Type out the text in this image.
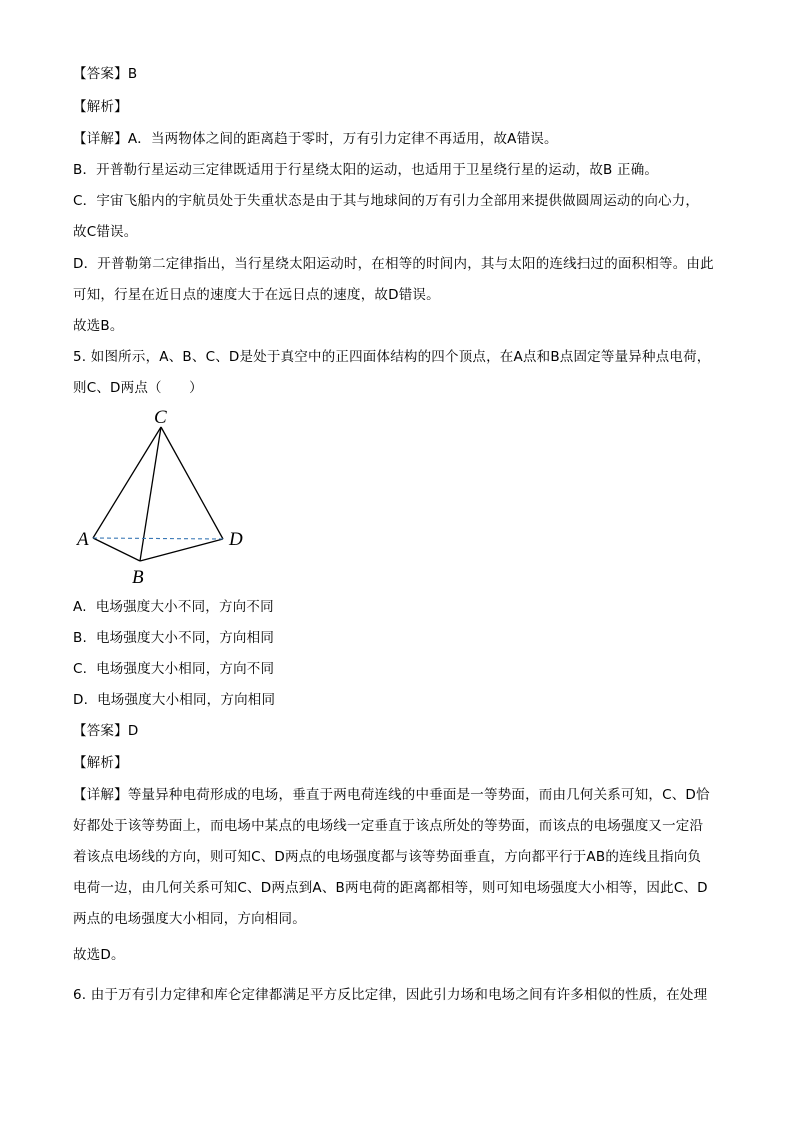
【答案】B
【解析】
【详解】A．当两物体之间的距离趋于零时，万有引力定律不再适用，故A错误。
B．开普勒行星运动三定律既适用于行星绕太阳的运动，也适用于卫星绕行星的运动，故B 正确。
C．宇宙飞船内的宇航员处于失重状态是由于其与地球间的万有引力全部用来提供做圆周运动的向心力，
故C错误。
D．开普勒第二定律指出，当行星绕太阳运动时，在相等的时间内，其与太阳的连线扫过的面积相等。由此
可知，行星在近日点的速度大于在远日点的速度，故D错误。
故选B。
5. 如图所示，A、B、C、D是处于真空中的正四面体结构的四个顶点，在A点和B点固定等量异种点电荷，
则C、D两点（　　）
C
A	D
B
A. 电场强度大小不同，方向不同
B. 电场强度大小不同，方向相同
C. 电场强度大小相同，方向不同
D. 电场强度大小相同，方向相同
【答案】D
【解析】
【详解】等量异种电荷形成的电场，垂直于两电荷连线的中垂面是一等势面，而由几何关系可知，C、D恰
好都处于该等势面上，而电场中某点的电场线一定垂直于该点所处的等势面，而该点的电场强度又一定沿
着该点电场线的方向，则可知C、D两点的电场强度都与该等势面垂直，方向都平行于AB的连线且指向负
电荷一边，由几何关系可知C、D两点到A、B两电荷的距离都相等，则可知电场强度大小相等，因此C、D
两点的电场强度大小相同，方向相同。
故选D。
6. 由于万有引力定律和库仑定律都满足平方反比定律，因此引力场和电场之间有许多相似的性质，在处理
